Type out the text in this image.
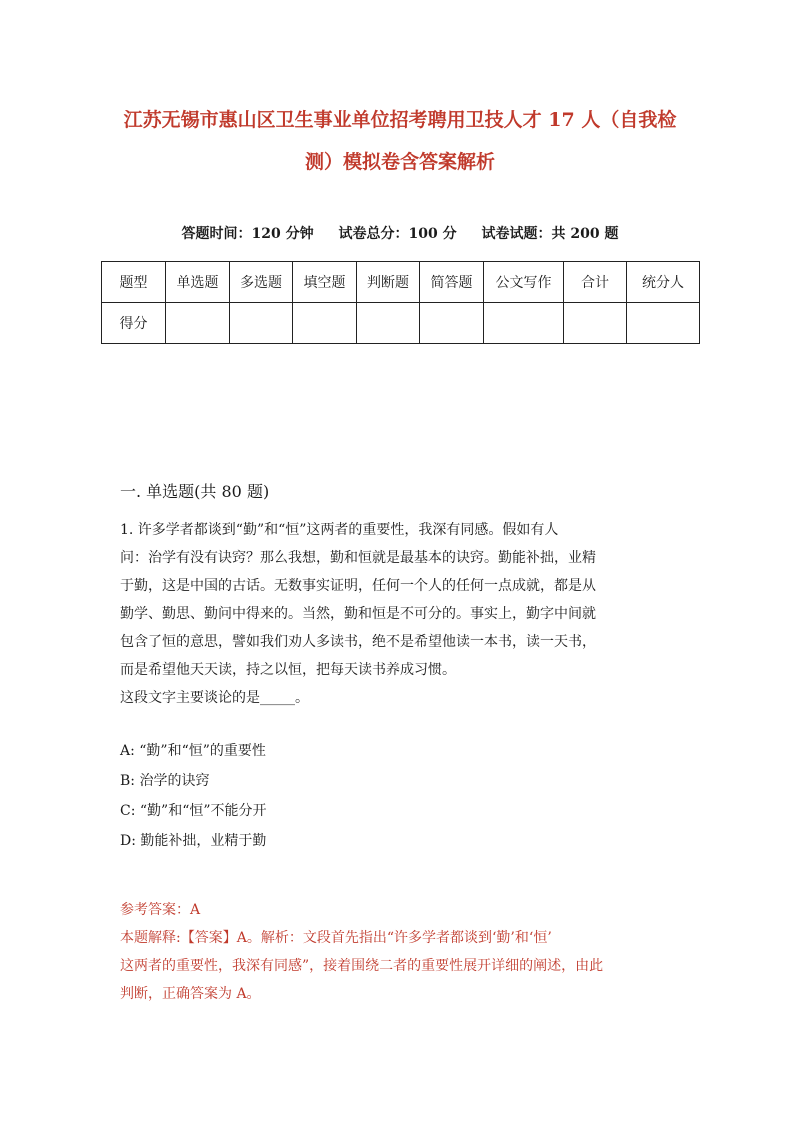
江苏无锡市惠山区卫生事业单位招考聘用卫技人才 17 人（自我检
测）模拟卷含答案解析
答题时间：120 分钟 试卷总分：100 分 试卷试题：共 200 题
题型	单选题	多选题	填空题	判断题	简答题	公文写作	合计	统分人
得分								
一. 单选题(共 80 题)
1. 许多学者都谈到“勤”和“恒”这两者的重要性，我深有同感。假如有人
问：治学有没有诀窍？那么我想，勤和恒就是最基本的诀窍。勤能补拙，业精
于勤，这是中国的古话。无数事实证明，任何一个人的任何一点成就，都是从
勤学、勤思、勤问中得来的。当然，勤和恒是不可分的。事实上，勤字中间就
包含了恒的意思，譬如我们劝人多读书，绝不是希望他读一本书，读一天书，
而是希望他天天读，持之以恒，把每天读书养成习惯。
这段文字主要谈论的是_____。
A: “勤”和“恒”的重要性
B: 治学的诀窍
C: “勤”和“恒”不能分开
D: 勤能补拙，业精于勤
参考答案：A
本题解释:【答案】A。解析：文段首先指出“许多学者都谈到‘勤’和‘恒’
这两者的重要性，我深有同感”，接着围绕二者的重要性展开详细的阐述，由此
判断，正确答案为 A。
